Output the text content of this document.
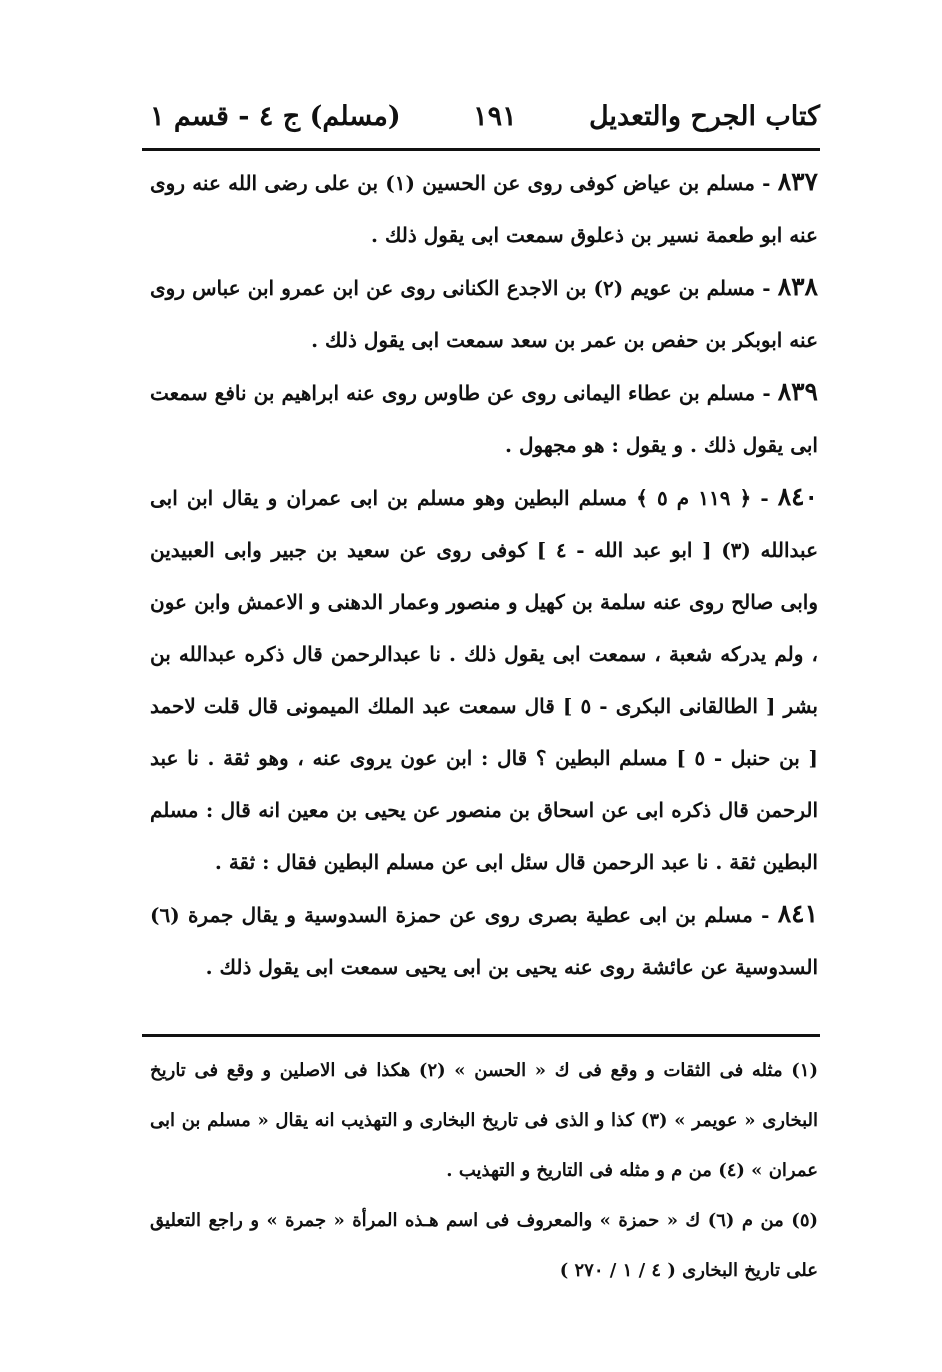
كتاب الجرح والتعديل
١٩١
(مسلم) ج ٤ - قسم ١

٨٣٧ - مسلم بن عياض كوفى روى عن الحسين (١) بن على رضى الله عنه روى عنه ابو طعمة نسير بن ذعلوق سمعت ابى يقول ذلك .

٨٣٨ - مسلم بن عويم (٢) بن الاجدع الكنانى روى عن ابن عمرو ابن عباس روى عنه ابوبكر بن حفص بن عمر بن سعد سمعت ابى يقول ذلك .

٨٣٩ - مسلم بن عطاء اليمانى روى عن طاوس روى عنه ابراهيم بن نافع سمعت ابى يقول ذلك . و يقول : هو مجهول .

٨٤٠ - ﴿ ١١٩ م ٥ ﴾ مسلم البطين وهو مسلم بن ابى عمران و يقال ابن ابى عبدالله (٣) [ ابو عبد الله - ٤ ] كوفى روى عن سعيد بن جبير وابى العبيدين وابى صالح روى عنه سلمة بن كهيل و منصور وعمار الدهنى و الاعمش وابن عون ، ولم يدركه شعبة ، سمعت ابى يقول ذلك . نا عبدالرحمن قال ذكره عبدالله بن بشر [ الطالقانى البكرى - ٥ ] قال سمعت عبد الملك الميمونى قال قلت لاحمد [ بن حنبل - ٥ ] مسلم البطين ؟ قال : ابن عون يروى عنه ، وهو ثقة . نا عبد الرحمن قال ذكره ابى عن اسحاق بن منصور عن يحيى بن معين انه قال : مسلم البطين ثقة . نا عبد الرحمن قال سئل ابى عن مسلم البطين فقال : ثقة .

٨٤١ - مسلم بن ابى عطية بصرى روى عن حمزة السدوسية و يقال جمرة (٦) السدوسية عن عائشة روى عنه يحيى بن ابى يحيى سمعت ابى يقول ذلك .

(١) مثله فى الثقات و وقع فى ك « الحسن » (٢) هكذا فى الاصلين و وقع فى تاريخ البخارى « عويمر » (٣) كذا و الذى فى تاريخ البخارى و التهذيب انه يقال « مسلم بن ابى عمران » (٤) من م و مثله فى التاريخ و التهذيب .

(٥) من م (٦) ك « حمزة » والمعروف فى اسم هـذه المرأة « جمرة » و راجع التعليق على تاريخ البخارى ( ٤ / ١ / ٢٧٠ )
